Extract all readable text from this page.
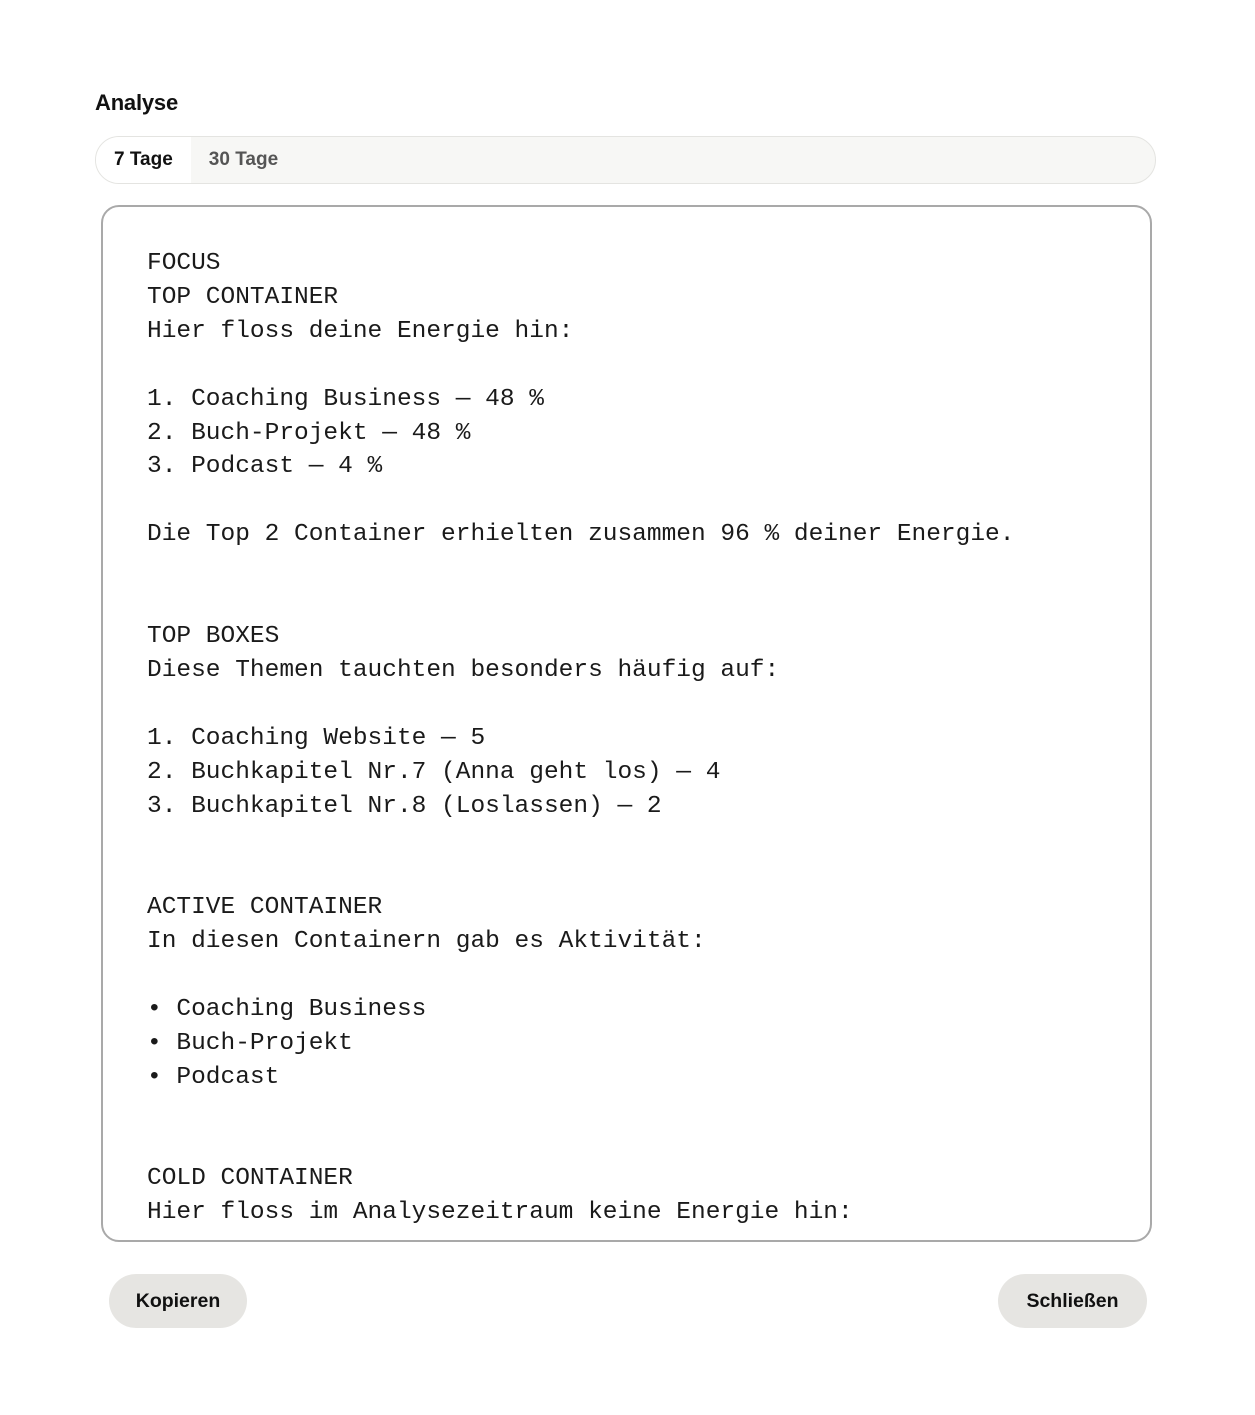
Analyse
7 Tage	30 Tage
FOCUS
TOP CONTAINER
Hier floss deine Energie hin:

1. Coaching Business — 48 %
2. Buch-Projekt — 48 %
3. Podcast — 4 %

Die Top 2 Container erhielten zusammen 96 % deiner Energie.

TOP BOXES
Diese Themen tauchten besonders häufig auf:

1. Coaching Website — 5
2. Buchkapitel Nr.7 (Anna geht los) — 4
3. Buchkapitel Nr.8 (Loslassen) — 2

ACTIVE CONTAINER
In diesen Containern gab es Aktivität:

• Coaching Business
• Buch-Projekt
• Podcast

COLD CONTAINER
Hier floss im Analysezeitraum keine Energie hin:
Kopieren	Schließen
